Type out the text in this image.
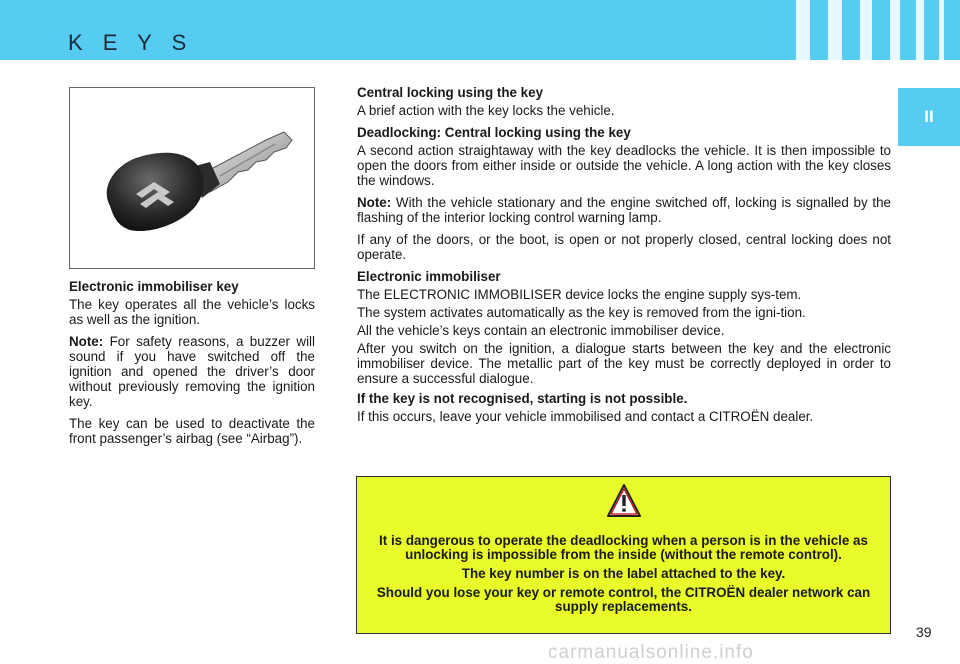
K E Y S
II

Electronic immobiliser key

The key operates all the vehicle’s locks as well as the ignition.

Note: For safety reasons, a buzzer will sound if you have switched off the ignition and opened the driver’s door without previously removing the ignition key.

The key can be used to deactivate the front passenger’s airbag (see “Airbag”).

Central locking using the key

A brief action with the key locks the vehicle.

Deadlocking: Central locking using the key

A second action straightaway with the key deadlocks the vehicle. It is then impossible to open the doors from either inside or outside the vehicle. A long action with the key closes the windows.

Note: With the vehicle stationary and the engine switched off, locking is signalled by the flashing of the interior locking control warning lamp.

If any of the doors, or the boot, is open or not properly closed, central locking does not operate.

Electronic immobiliser

The ELECTRONIC IMMOBILISER device locks the engine supply sys-tem.

The system activates automatically as the key is removed from the igni-tion.

All the vehicle’s keys contain an electronic immobiliser device.

After you switch on the ignition, a dialogue starts between the key and the electronic immobiliser device. The metallic part of the key must be correctly deployed in order to ensure a successful dialogue.

If the key is not recognised, starting is not possible.

If this occurs, leave your vehicle immobilised and contact a CITROËN dealer.

It is dangerous to operate the deadlocking when a person is in the vehicle as unlocking is impossible from the inside (without the remote control).

The key number is on the label attached to the key.

Should you lose your key or remote control, the CITROËN dealer network can supply replacements.

39
carmanualsonline.info
